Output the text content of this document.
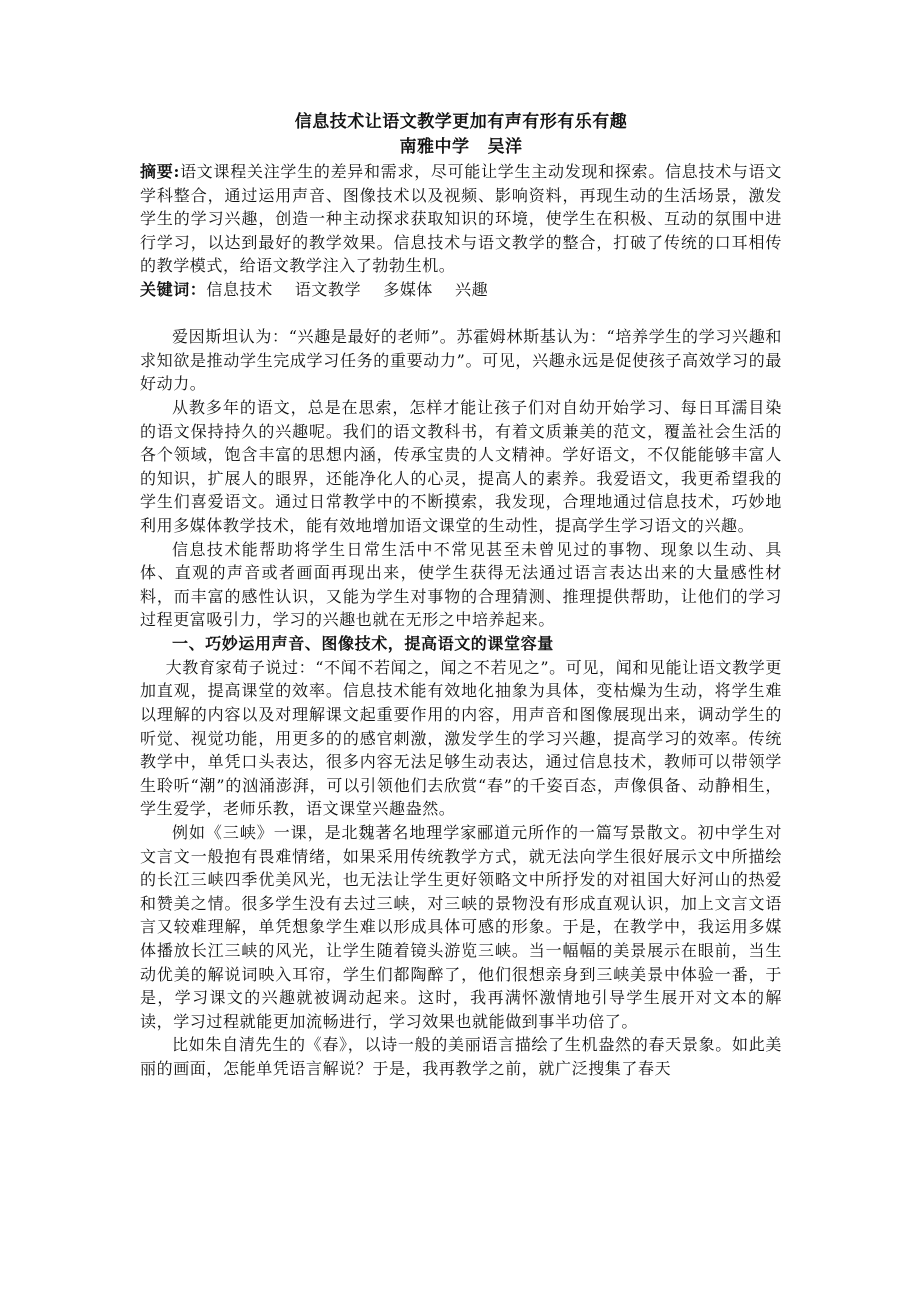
信息技术让语文教学更加有声有形有乐有趣
南雅中学 吴洋

摘要:语文课程关注学生的差异和需求，尽可能让学生主动发现和探索。信息技术与语文学科整合，通过运用声音、图像技术以及视频、影响资料，再现生动的生活场景，激发学生的学习兴趣，创造一种主动探求获取知识的环境，使学生在积极、互动的氛围中进行学习，以达到最好的教学效果。信息技术与语文教学的整合，打破了传统的口耳相传的教学模式，给语文教学注入了勃勃生机。

关键词：信息技术 语文教学 多媒体 兴趣

爱因斯坦认为：“兴趣是最好的老师”。苏霍姆林斯基认为：“培养学生的学习兴趣和求知欲是推动学生完成学习任务的重要动力”。可见，兴趣永远是促使孩子高效学习的最好动力。

从教多年的语文，总是在思索，怎样才能让孩子们对自幼开始学习、每日耳濡目染的语文保持持久的兴趣呢。我们的语文教科书，有着文质兼美的范文，覆盖社会生活的各个领域，饱含丰富的思想内涵，传承宝贵的人文精神。学好语文，不仅能能够丰富人的知识，扩展人的眼界，还能净化人的心灵，提高人的素养。我爱语文，我更希望我的学生们喜爱语文。通过日常教学中的不断摸索，我发现，合理地通过信息技术，巧妙地利用多媒体教学技术，能有效地增加语文课堂的生动性，提高学生学习语文的兴趣。

信息技术能帮助将学生日常生活中不常见甚至未曾见过的事物、现象以生动、具体、直观的声音或者画面再现出来，使学生获得无法通过语言表达出来的大量感性材料，而丰富的感性认识，又能为学生对事物的合理猜测、推理提供帮助，让他们的学习过程更富吸引力，学习的兴趣也就在无形之中培养起来。

一、巧妙运用声音、图像技术，提高语文的课堂容量

大教育家荀子说过：“不闻不若闻之，闻之不若见之”。可见，闻和见能让语文教学更加直观，提高课堂的效率。信息技术能有效地化抽象为具体，变枯燥为生动，将学生难以理解的内容以及对理解课文起重要作用的内容，用声音和图像展现出来，调动学生的听觉、视觉功能，用更多的的感官刺激，激发学生的学习兴趣，提高学习的效率。传统教学中，单凭口头表达，很多内容无法足够生动表达，通过信息技术，教师可以带领学生聆听“潮”的汹涌澎湃，可以引领他们去欣赏“春”的千姿百态，声像俱备、动静相生，学生爱学，老师乐教，语文课堂兴趣盎然。

例如《三峡》一课，是北魏著名地理学家郦道元所作的一篇写景散文。初中学生对文言文一般抱有畏难情绪，如果采用传统教学方式，就无法向学生很好展示文中所描绘的长江三峡四季优美风光，也无法让学生更好领略文中所抒发的对祖国大好河山的热爱和赞美之情。很多学生没有去过三峡，对三峡的景物没有形成直观认识，加上文言文语言又较难理解，单凭想象学生难以形成具体可感的形象。于是，在教学中，我运用多媒体播放长江三峡的风光，让学生随着镜头游览三峡。当一幅幅的美景展示在眼前，当生动优美的解说词映入耳帘，学生们都陶醉了，他们很想亲身到三峡美景中体验一番，于是，学习课文的兴趣就被调动起来。这时，我再满怀激情地引导学生展开对文本的解读，学习过程就能更加流畅进行，学习效果也就能做到事半功倍了。

比如朱自清先生的《春》，以诗一般的美丽语言描绘了生机盎然的春天景象。如此美丽的画面，怎能单凭语言解说？于是，我再教学之前，就广泛搜集了春天
